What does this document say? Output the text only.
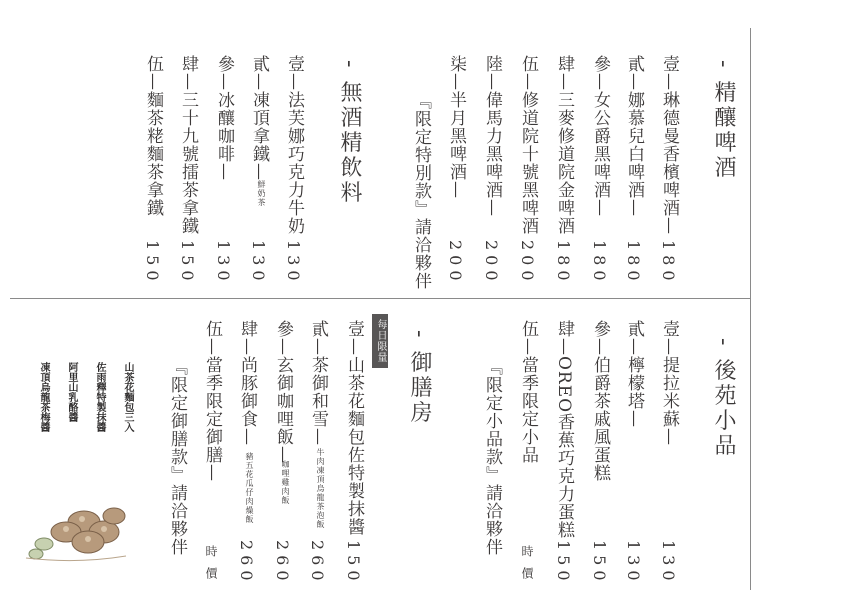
- 精釀啤酒
壹—琳德曼香檳啤酒—
180
貳—娜慕兒白啤酒—
180
參—女公爵黑啤酒—
180
肆—三麥修道院金啤酒
180
伍—修道院十號黑啤酒
200
陸—偉馬力黑啤酒—
200
柒—半月黑啤酒—
200
『限定特別款』請洽夥伴
- 無酒精飲料
壹—法芙娜巧克力牛奶
130
貳—凍頂拿鐵—
鮮奶茶
130
參—冰釀咖啡—
130
肆—三十九號擂茶拿鐵
150
伍—麵茶粩麵茶拿鐵
150
- 後苑小品
壹—提拉米蘇—
130
貳—檸檬塔—
130
參—伯爵茶戚風蛋糕
150
肆—OREO香蕉巧克力蛋糕
150
伍—當季限定小品
時價
『限定小品款』請洽夥伴
- 御膳房
每日限量
壹—山茶花麵包佐特製抹醬
150
貳—茶御和雪—
牛肉凍頂烏龍茶泡飯
260
參—玄御咖哩飯—
咖哩雞肉飯
260
肆—尚豚御食—
豬五花瓜仔肉燥飯
260
伍—當季限定御膳—
時價
『限定御膳款』請洽夥伴
山茶花麵包三入
佐雨釋特製抹醬
阿里山乳酪醬
凍頂烏龍茶梅醬
